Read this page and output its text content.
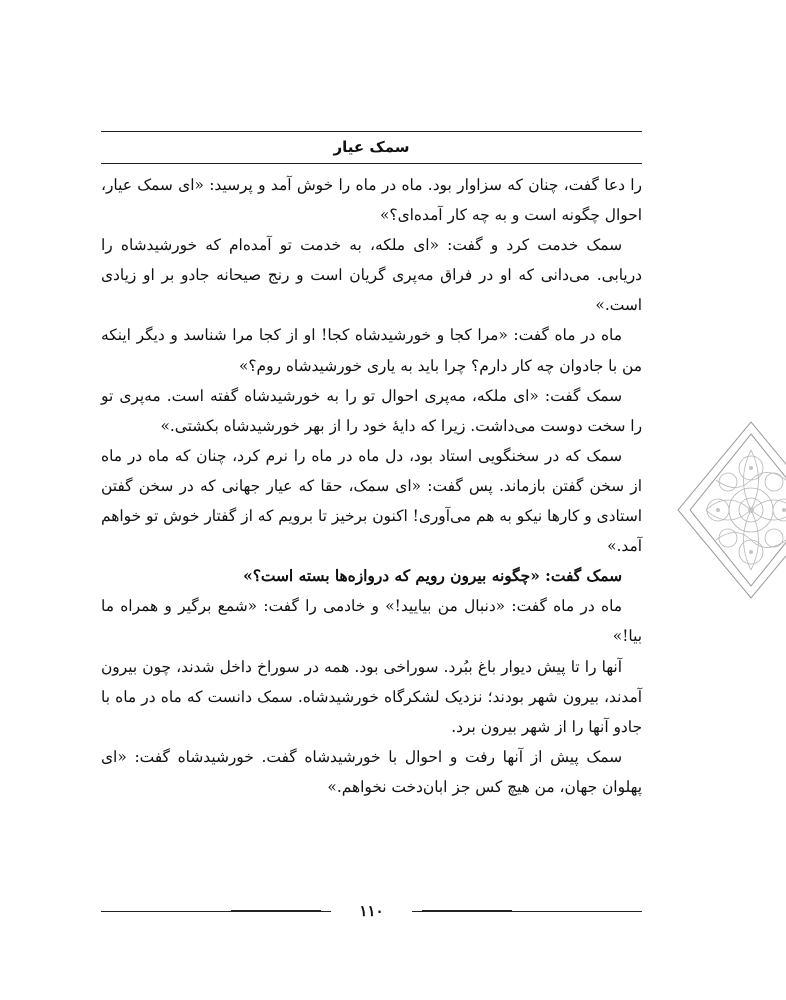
سمک عیار

را دعا گفت، چنان که سزاوار بود. ماه در ماه را خوش آمد و پرسید: «ای سمک عیار، احوال چگونه است و به چه کار آمده‌ای؟»

سمک خدمت کرد و گفت: «ای ملکه، به خدمت تو آمده‌ام که خورشیدشاه را دریابی. می‌دانی که او در فراق مه‌پری گریان است و رنج صیحانه جادو بر او زیادی است.»

ماه در ماه گفت: «مرا کجا و خورشیدشاه کجا! او از کجا مرا شناسد و دیگر اینکه من با جادوان چه کار دارم؟ چرا باید به یاری خورشیدشاه روم؟»

سمک گفت: «ای ملکه، مه‌پری احوال تو را به خورشیدشاه گفته است. مه‌پری تو را سخت دوست می‌داشت. زیرا که دایهٔ خود را از بهر خورشیدشاه بکشتی.»

سمک که در سخنگویی استاد بود، دل ماه در ماه را نرم کرد، چنان که ماه در ماه از سخن گفتن بازماند. پس گفت: «ای سمک، حقا که عیار جهانی که در سخن گفتن استادی و کارها نیکو به هم می‌آوری! اکنون برخیز تا برویم که از گفتار خوش تو خواهم آمد.»

سمک گفت: «چگونه بیرون رویم که دروازه‌ها بسته است؟»

ماه در ماه گفت: «دنبال من بیایید!» و خادمی را گفت: «شمع برگیر و همراه ما بیا!»

آنها را تا پیش دیوار باغ ببُرد. سوراخی بود. همه در سوراخ داخل شدند، چون بیرون آمدند، بیرون شهر بودند؛ نزدیک لشکرگاه خورشیدشاه. سمک دانست که ماه در ماه با جادو آنها را از شهر بیرون برد.

سمک پیش از آنها رفت و احوال با خورشیدشاه گفت. خورشیدشاه گفت: «ای پهلوان جهان، من هیچ کس جز ابان‌دخت نخواهم.»

۱۱۰
